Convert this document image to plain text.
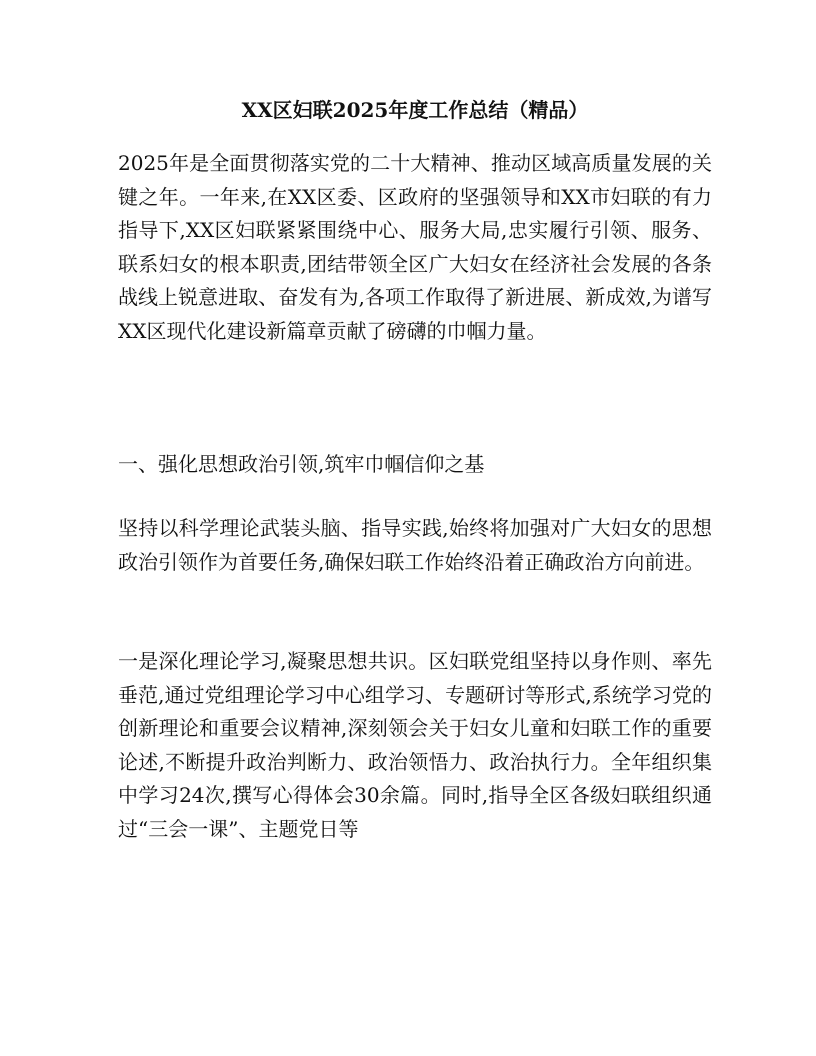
XX区妇联2025年度工作总结（精品）

2025年是全面贯彻落实党的二十大精神、推动区域高质量发展的关键之年。一年来,在XX区委、区政府的坚强领导和XX市妇联的有力指导下,XX区妇联紧紧围绕中心、服务大局,忠实履行引领、服务、联系妇女的根本职责,团结带领全区广大妇女在经济社会发展的各条战线上锐意进取、奋发有为,各项工作取得了新进展、新成效,为谱写XX区现代化建设新篇章贡献了磅礴的巾帼力量。

一、强化思想政治引领,筑牢巾帼信仰之基

坚持以科学理论武装头脑、指导实践,始终将加强对广大妇女的思想政治引领作为首要任务,确保妇联工作始终沿着正确政治方向前进。

一是深化理论学习,凝聚思想共识。区妇联党组坚持以身作则、率先垂范,通过党组理论学习中心组学习、专题研讨等形式,系统学习党的创新理论和重要会议精神,深刻领会关于妇女儿童和妇联工作的重要论述,不断提升政治判断力、政治领悟力、政治执行力。全年组织集中学习24次,撰写心得体会30余篇。同时,指导全区各级妇联组织通过“三会一课”、主题党日等
